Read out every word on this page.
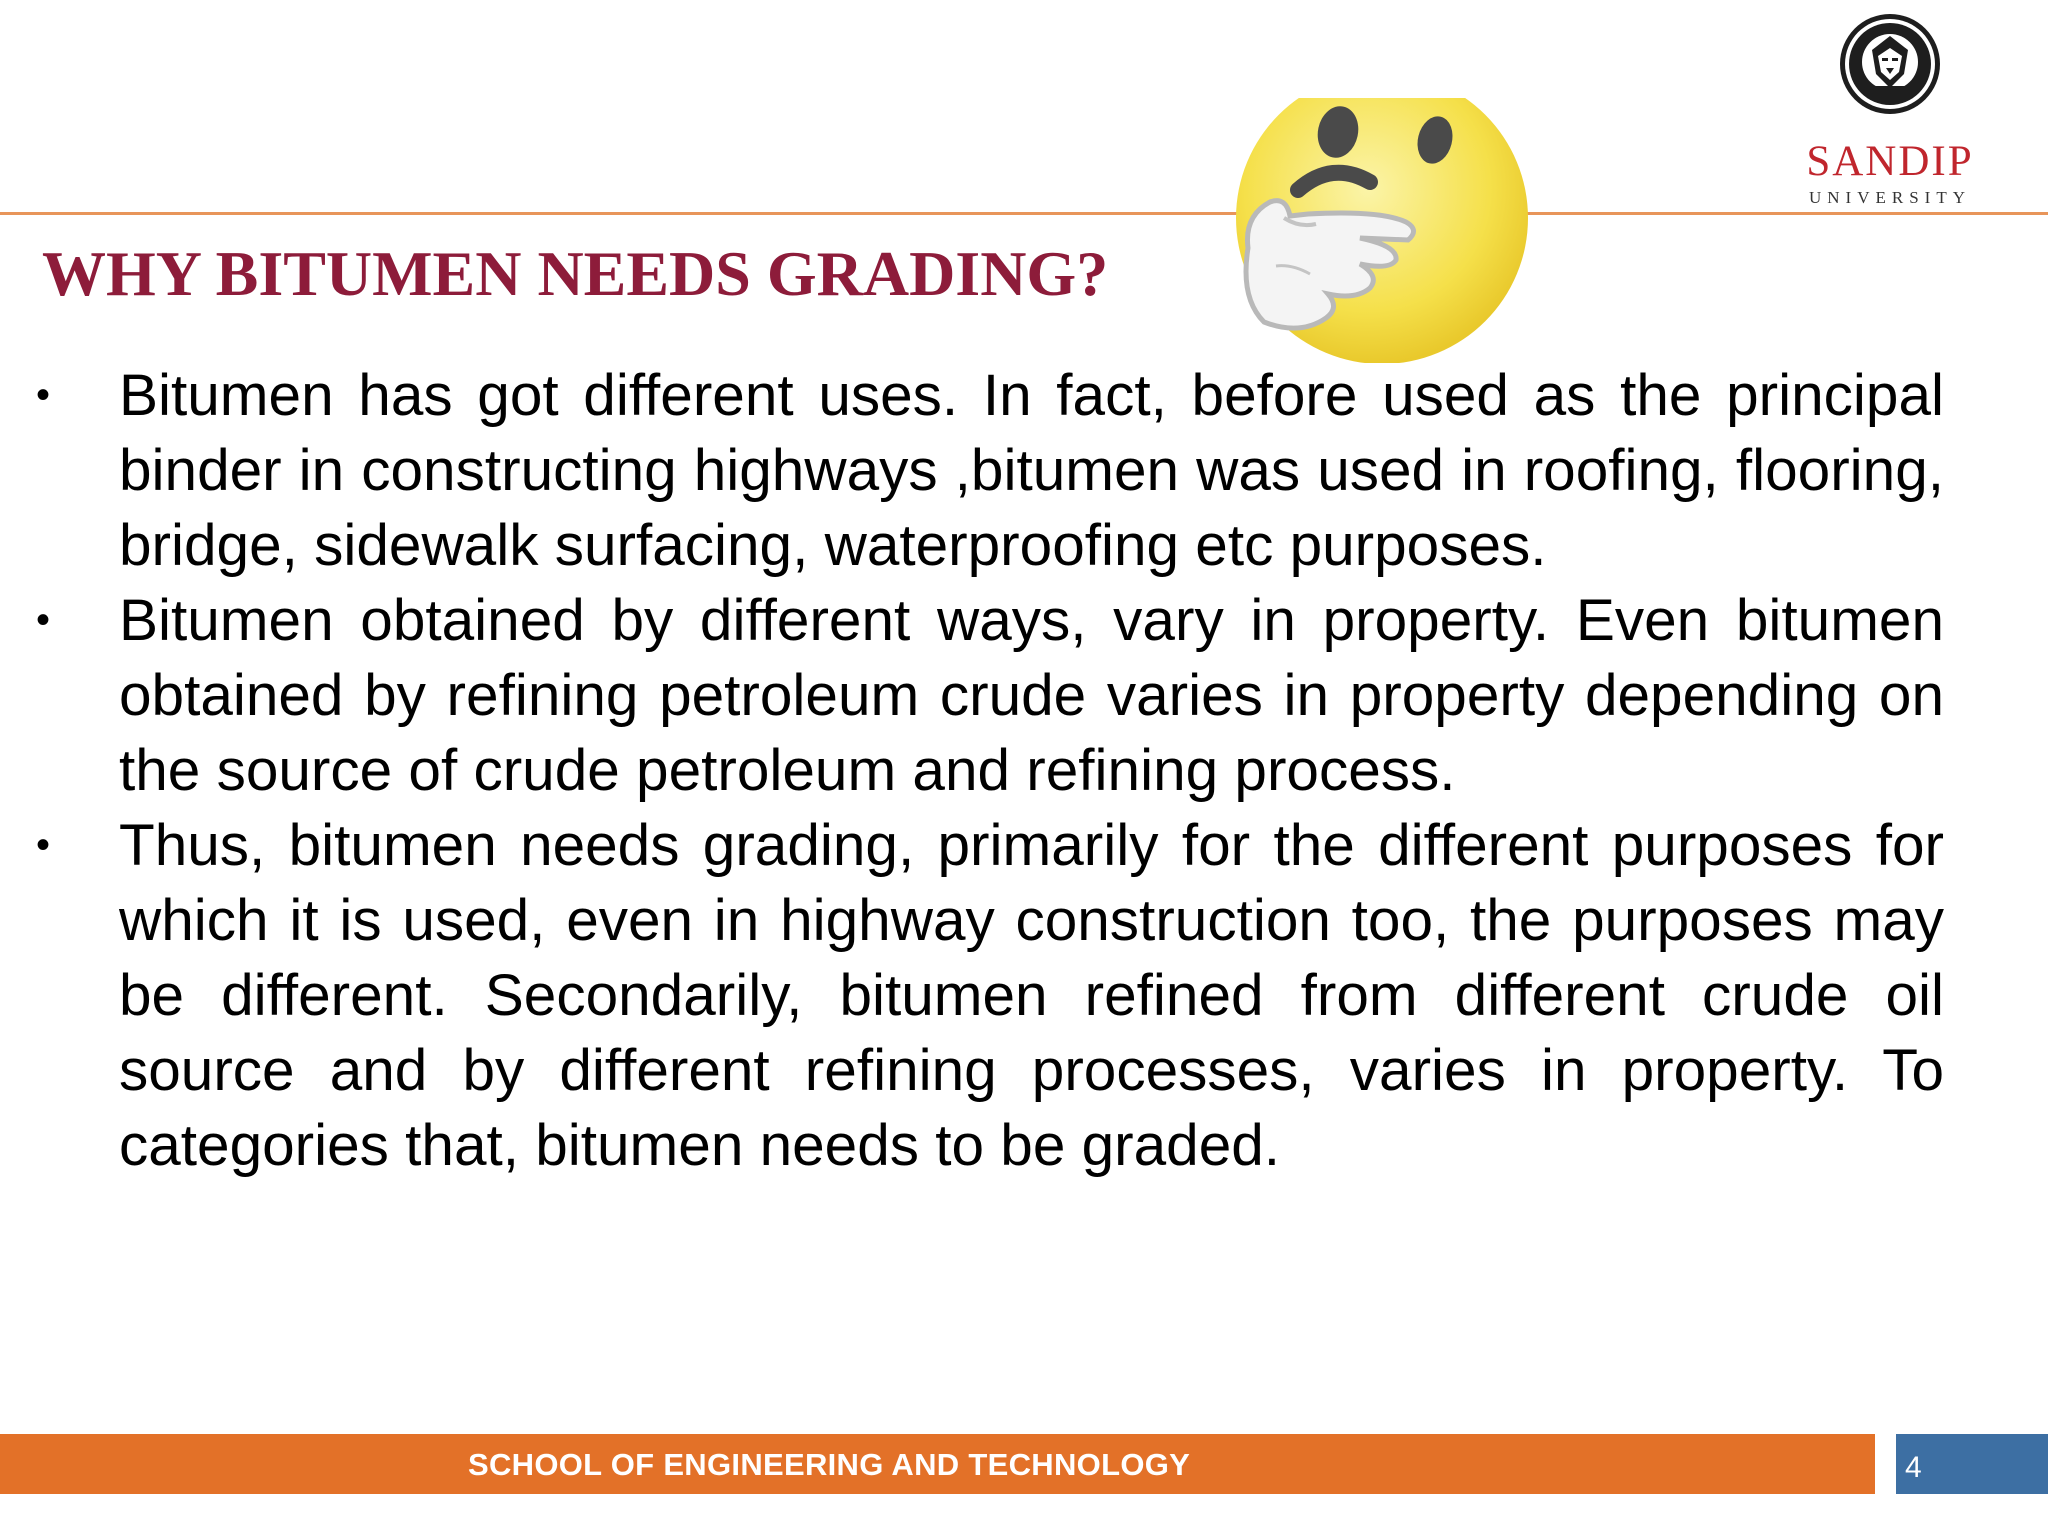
SANDIP
UNIVERSITY
WHY BITUMEN NEEDS GRADING?
• Bitumen has got different uses. In fact, before used as the principal binder in constructing highways ,bitumen was used in roofing, flooring, bridge, sidewalk surfacing, waterproofing etc purposes.
• Bitumen obtained by different ways, vary in property. Even bitumen obtained by refining petroleum crude varies in property depending on the source of crude petroleum and refining process.
• Thus, bitumen needs grading, primarily for the different purposes for which it is used, even in highway construction too, the purposes may be different. Secondarily, bitumen refined from different crude oil source and by different refining processes, varies in property. To categories that, bitumen needs to be graded.
SCHOOL OF ENGINEERING AND TECHNOLOGY	4
